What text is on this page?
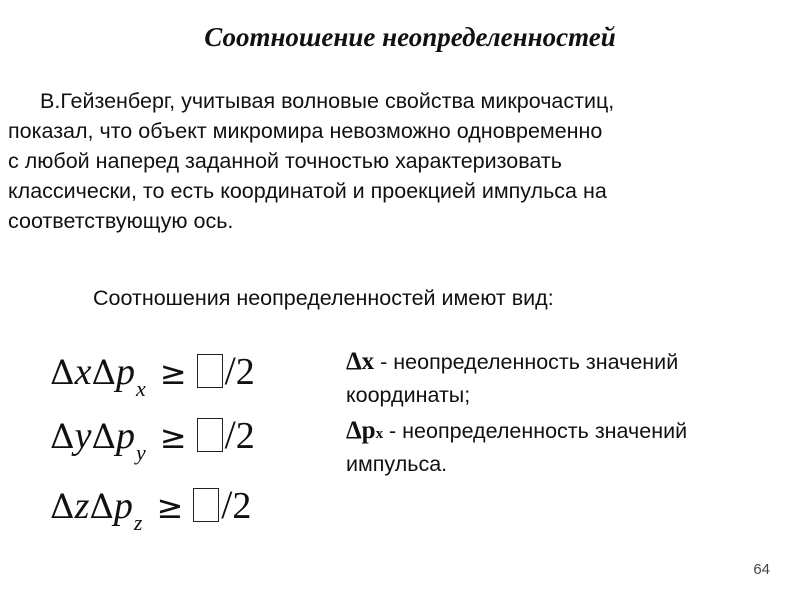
Соотношение неопределенностей
В.Гейзенберг, учитывая волновые свойства микрочастиц,
показал, что объект микромира невозможно одновременно
с любой наперед заданной точностью характеризовать
классически, то есть координатой и проекцией импульса на
соответствующую ось.
Соотношения неопределенностей имеют вид:
ΔxΔp$_x$ ≥ /2
ΔyΔp$_y$ ≥ /2
ΔzΔp$_z$ ≥ /2
Δx - неопределенность значений координаты;
Δpx - неопределенность значений импульса.
64
